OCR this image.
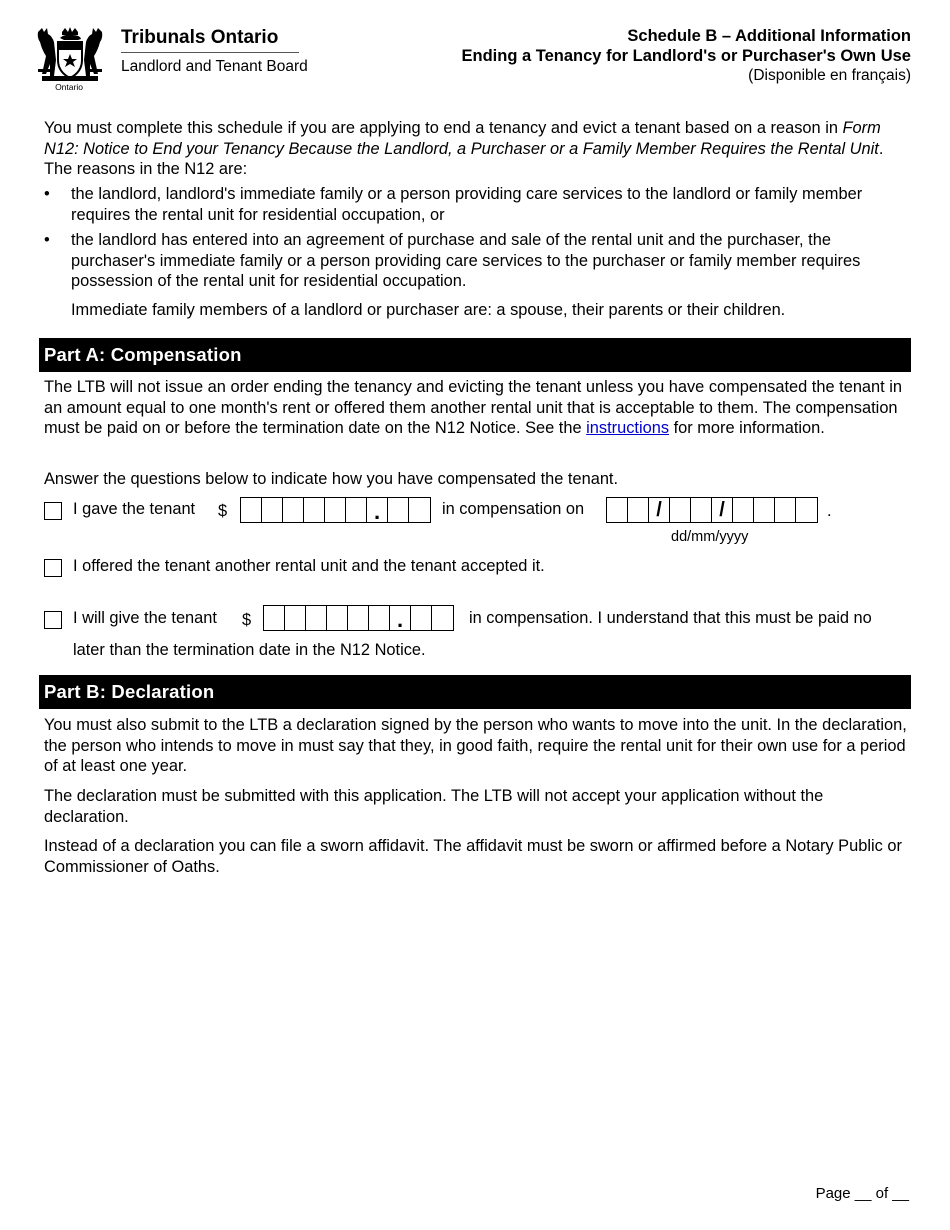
Ontario
Tribunals Ontario
Landlord and Tenant Board
Schedule B – Additional Information
Ending a Tenancy for Landlord's or Purchaser's Own Use
(Disponible en français)
You must complete this schedule if you are applying to end a tenancy and evict a tenant based on a reason in Form N12: Notice to End your Tenancy Because the Landlord, a Purchaser or a Family Member Requires the Rental Unit. The reasons in the N12 are:
• the landlord, landlord's immediate family or a person providing care services to the landlord or family member requires the rental unit for residential occupation, or
• the landlord has entered into an agreement of purchase and sale of the rental unit and the purchaser, the purchaser's immediate family or a person providing care services to the purchaser or family member requires possession of the rental unit for residential occupation.
Immediate family members of a landlord or purchaser are: a spouse, their parents or their children.
Part A: Compensation
The LTB will not issue an order ending the tenancy and evicting the tenant unless you have compensated the tenant in an amount equal to one month's rent or offered them another rental unit that is acceptable to them. The compensation must be paid on or before the termination date on the N12 Notice. See the instructions for more information.
Answer the questions below to indicate how you have compensated the tenant.
I gave the tenant $ .	in compensation on / /	.
dd/mm/yyyy
I offered the tenant another rental unit and the tenant accepted it.
I will give the tenant $ .	in compensation. I understand that this must be paid no
later than the termination date in the N12 Notice.
Part B: Declaration
You must also submit to the LTB a declaration signed by the person who wants to move into the unit. In the declaration, the person who intends to move in must say that they, in good faith, require the rental unit for their own use for a period of at least one year.
The declaration must be submitted with this application. The LTB will not accept your application without the declaration.
Instead of a declaration you can file a sworn affidavit. The affidavit must be sworn or affirmed before a Notary Public or Commissioner of Oaths.
Page __ of __
